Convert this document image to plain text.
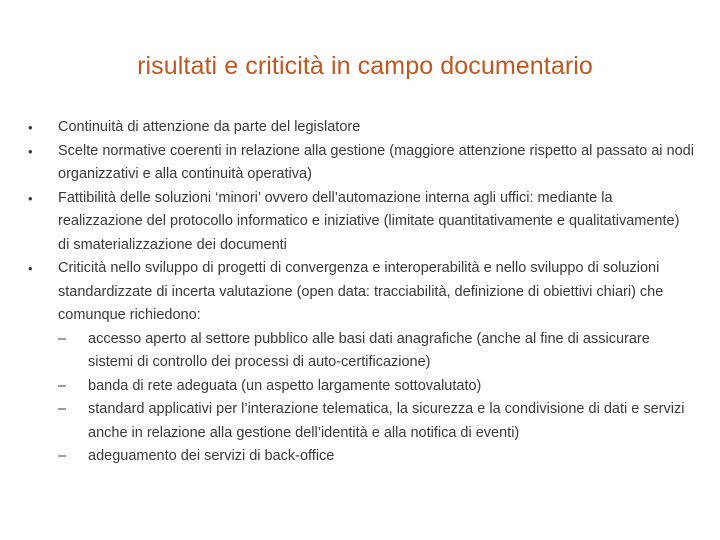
risultati e criticità in campo documentario
•	Continuità di attenzione da parte del legislatore
•	Scelte normative coerenti in relazione alla gestione (maggiore attenzione rispetto al passato ai nodi organizzativi e alla continuità operativa)
•	Fattibilità delle soluzioni ‘minori’ ovvero dell’automazione interna agli uffici: mediante la realizzazione del protocollo informatico e iniziative (limitate quantitativamente e qualitativamente) di smaterializzazione dei documenti
•	Criticità nello sviluppo di progetti di convergenza e interoperabilità e nello sviluppo di soluzioni standardizzate di incerta valutazione (open data: tracciabilità, definizione di obiettivi chiari) che comunque richiedono:
– accesso aperto al settore pubblico alle basi dati anagrafiche (anche al fine di assicurare sistemi di controllo dei processi di auto-certificazione)
– banda di rete adeguata (un aspetto largamente sottovalutato)
– standard applicativi per l’interazione telematica, la sicurezza e la condivisione di dati e servizi anche in relazione alla gestione dell’identità e alla notifica di eventi)
– adeguamento dei servizi di back-office
